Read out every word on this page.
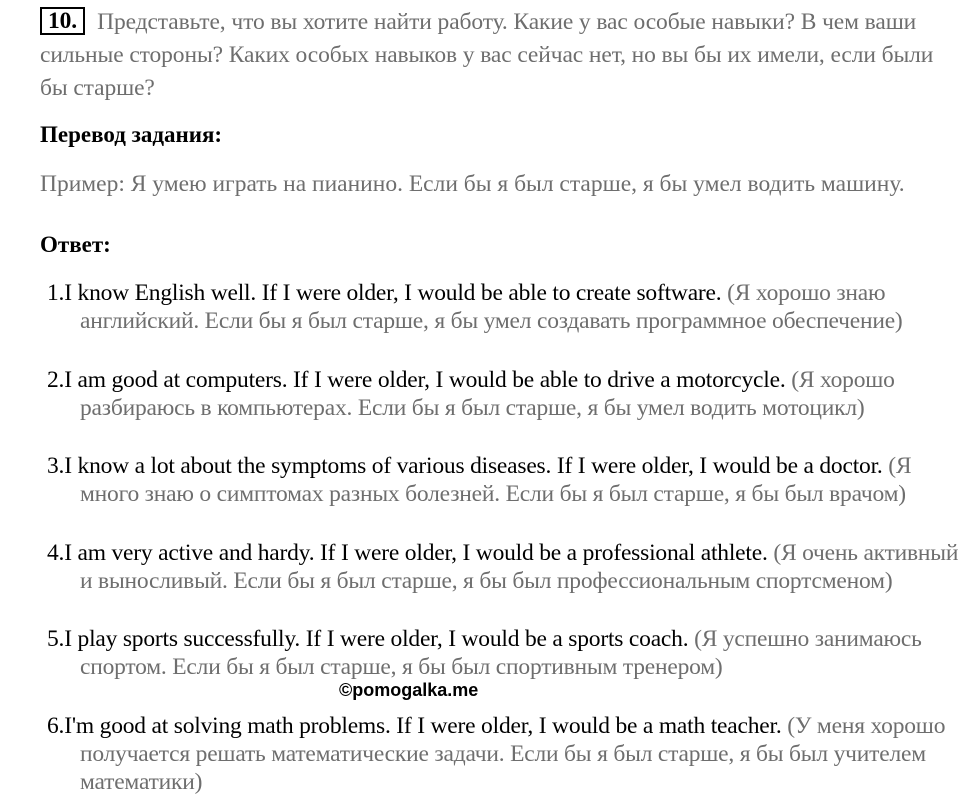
10. Представьте, что вы хотите найти работу. Какие у вас особые навыки? В чем ваши сильные стороны? Каких особых навыков у вас сейчас нет, но вы бы их имели, если были бы старше?
Перевод задания:
Пример: Я умею играть на пианино. Если бы я был старше, я бы умел водить машину.
Ответ:
1.I know English well. If I were older, I would be able to create software. (Я хорошо знаю английский. Если бы я был старше, я бы умел создавать программное обеспечение)
2.I am good at computers. If I were older, I would be able to drive a motorcycle. (Я хорошо разбираюсь в компьютерах. Если бы я был старше, я бы умел водить мотоцикл)
3.I know a lot about the symptoms of various diseases. If I were older, I would be a doctor. (Я много знаю о симптомах разных болезней. Если бы я был старше, я бы был врачом)
4.I am very active and hardy. If I were older, I would be a professional athlete. (Я очень активный и выносливый. Если бы я был старше, я бы был профессиональным спортсменом)
5.I play sports successfully. If I were older, I would be a sports coach. (Я успешно занимаюсь спортом. Если бы я был старше, я бы был спортивным тренером)
6.I'm good at solving math problems. If I were older, I would be a math teacher. (У меня хорошо получается решать математические задачи. Если бы я был старше, я бы был учителем математики)
©pomogalka.me
